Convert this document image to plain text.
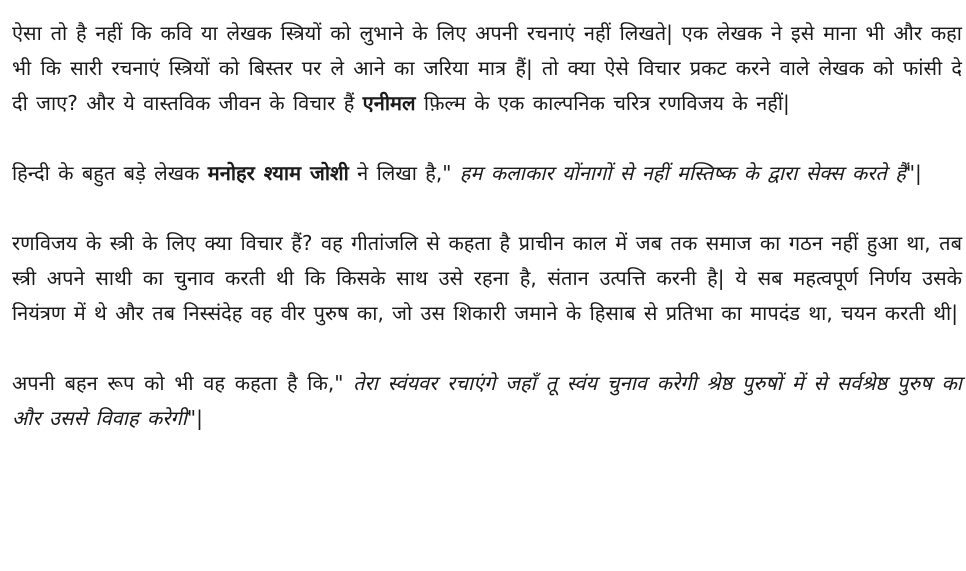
ऐसा तो है नहीं कि कवि या लेखक स्त्रियों को लुभाने के लिए अपनी रचनाएं नहीं लिखते| एक लेखक ने इसे माना भी और कहा भी कि सारी रचनाएं स्त्रियों को बिस्तर पर ले आने का जरिया मात्र हैं| तो क्या ऐसे विचार प्रकट करने वाले लेखक को फांसी दे दी जाए? और ये वास्तविक जीवन के विचार हैं एनीमल फ़िल्म के एक काल्पनिक चरित्र रणविजय के नहीं|

हिन्दी के बहुत बड़े लेखक मनोहर श्याम जोशी ने लिखा है," हम कलाकार योंनागों से नहीं मस्तिष्क के द्वारा सेक्स करते हैं"|

रणविजय के स्त्री के लिए क्या विचार हैं? वह गीतांजलि से कहता है प्राचीन काल में जब तक समाज का गठन नहीं हुआ था, तब स्त्री अपने साथी का चुनाव करती थी कि किसके साथ उसे रहना है, संतान उत्पत्ति करनी है| ये सब महत्वपूर्ण निर्णय उसके नियंत्रण में थे और तब निस्संदेह वह वीर पुरुष का, जो उस शिकारी जमाने के हिसाब से प्रतिभा का मापदंड था, चयन करती थी|

अपनी बहन रूप को भी वह कहता है कि," तेरा स्वंयवर रचाएंगे जहाँ तू स्वंय चुनाव करेगी श्रेष्ठ पुरुषों में से सर्वश्रेष्ठ पुरुष का और उससे विवाह करेगी"|
